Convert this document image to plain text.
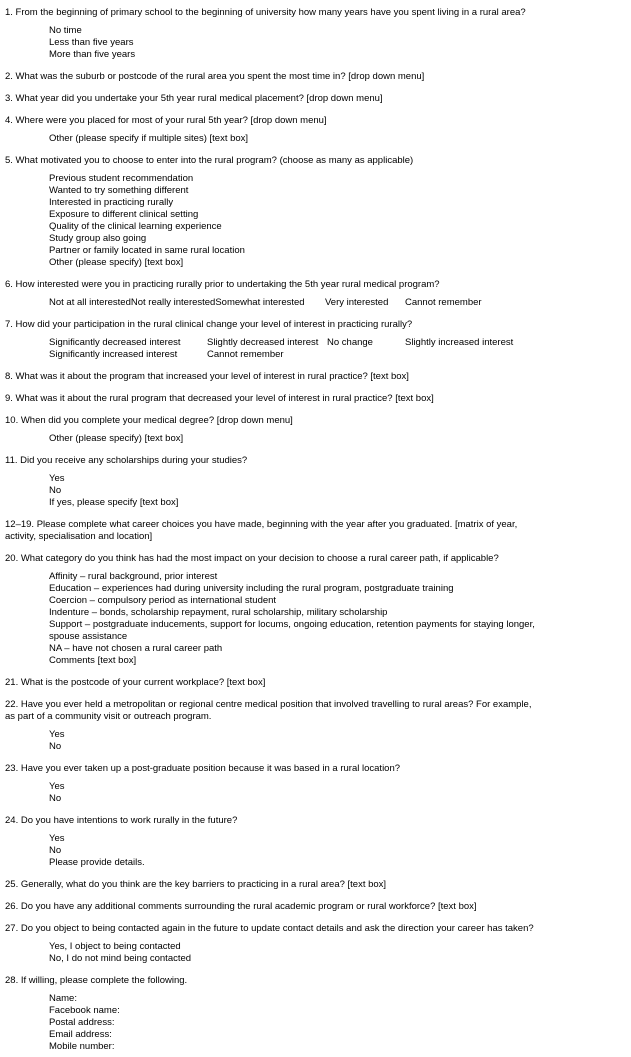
1. From the beginning of primary school to the beginning of university how many years have you spent living in a rural area?

No time

Less than five years

More than five years

2. What was the suburb or postcode of the rural area you spent the most time in? [drop down menu]

3. What year did you undertake your 5th year rural medical placement? [drop down menu]

4. Where were you placed for most of your rural 5th year? [drop down menu]

Other (please specify if multiple sites) [text box]

5. What motivated you to choose to enter into the rural program? (choose as many as applicable)

Previous student recommendation

Wanted to try something different

Interested in practicing rurally

Exposure to different clinical setting

Quality of the clinical learning experience

Study group also going

Partner or family located in same rural location

Other (please specify) [text box]

6. How interested were you in practicing rurally prior to undertaking the 5th year rural medical program?

Not at all interestedNot really interestedSomewhat interested Very interested Cannot remember

7. How did your participation in the rural clinical change your level of interest in practicing rurally?

Significantly decreased interest	Slightly decreased interest No change	Slightly increased interest
Significantly increased interest	Cannot remember

8. What was it about the program that increased your level of interest in rural practice? [text box]

9. What was it about the rural program that decreased your level of interest in rural practice? [text box]

10. When did you complete your medical degree? [drop down menu]

Other (please specify) [text box]

11. Did you receive any scholarships during your studies?

Yes

No

If yes, please specify [text box]

12–19. Please complete what career choices you have made, beginning with the year after you graduated. [matrix of year, activity, specialisation and location]

20. What category do you think has had the most impact on your decision to choose a rural career path, if applicable?

Affinity – rural background, prior interest

Education – experiences had during university including the rural program, postgraduate training

Coercion – compulsory period as international student

Indenture – bonds, scholarship repayment, rural scholarship, military scholarship

Support – postgraduate inducements, support for locums, ongoing education, retention payments for staying longer, spouse assistance

NA – have not chosen a rural career path

Comments [text box]

21. What is the postcode of your current workplace? [text box]

22. Have you ever held a metropolitan or regional centre medical position that involved travelling to rural areas? For example, as part of a community visit or outreach program.

Yes

No

23. Have you ever taken up a post-graduate position because it was based in a rural location?

Yes

No

24. Do you have intentions to work rurally in the future?

Yes

No

Please provide details.

25. Generally, what do you think are the key barriers to practicing in a rural area? [text box]

26. Do you have any additional comments surrounding the rural academic program or rural workforce? [text box]

27. Do you object to being contacted again in the future to update contact details and ask the direction your career has taken?

Yes, I object to being contacted

No, I do not mind being contacted

28. If willing, please complete the following.

Name:

Facebook name:

Postal address:

Email address:

Mobile number:
